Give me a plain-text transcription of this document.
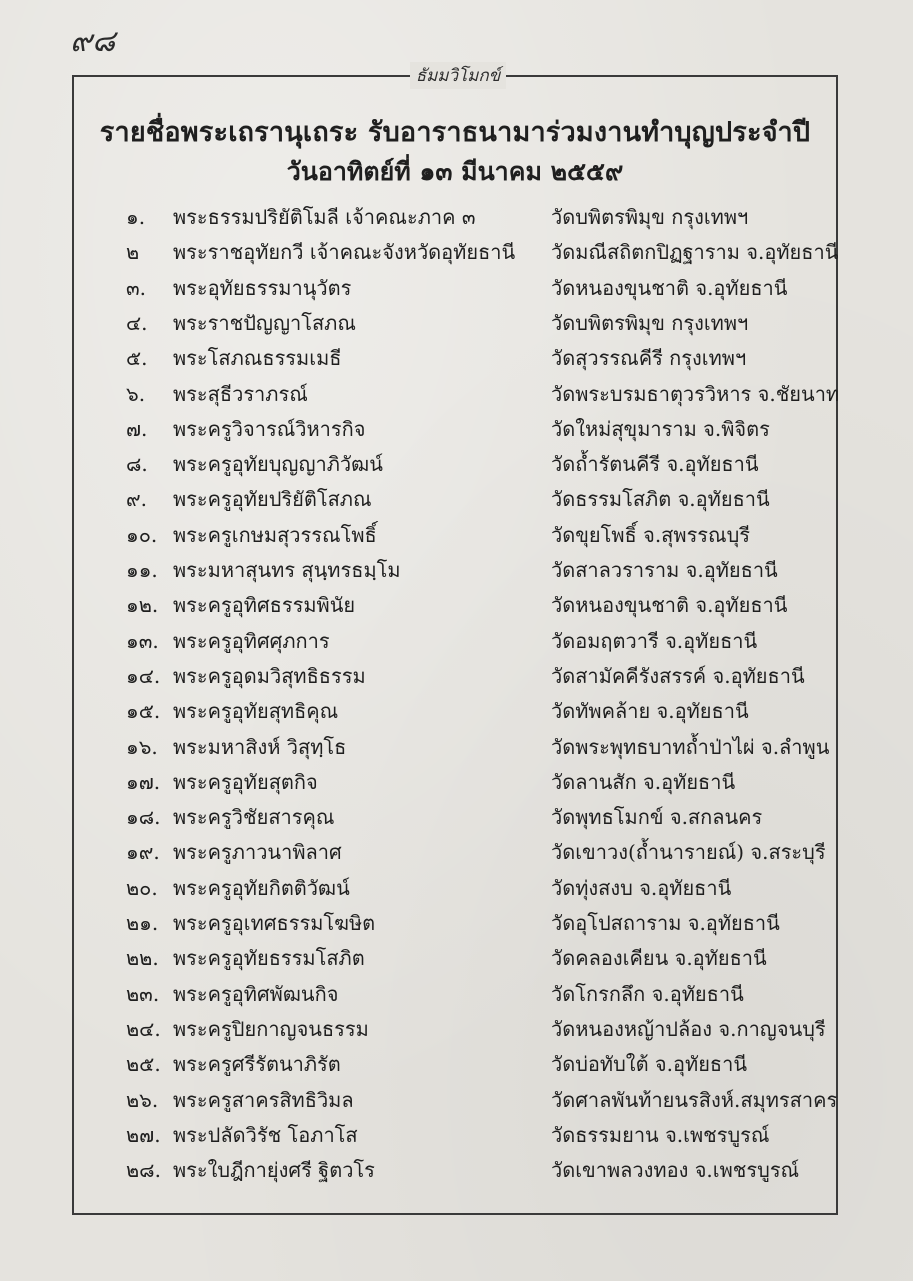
๙๘
ธัมมวิโมกข์
รายชื่อพระเถรานุเถระ รับอาราธนามาร่วมงานทำบุญประจำปี
วันอาทิตย์ที่ ๑๓ มีนาคม ๒๕๕๙
๑. พระธรรมปริยัติโมลี เจ้าคณะภาค ๓	วัดบพิตรพิมุข กรุงเทพฯ
๒ พระราชอุทัยกวี เจ้าคณะจังหวัดอุทัยธานี วัดมณีสถิตกปิฏฐาราม จ.อุทัยธานี
๓. พระอุทัยธรรมานุวัตร	วัดหนองขุนชาติ จ.อุทัยธานี
๔. พระราชปัญญาโสภณ	วัดบพิตรพิมุข กรุงเทพฯ
๕. พระโสภณธรรมเมธี	วัดสุวรรณคีรี กรุงเทพฯ
๖. พระสุธีวราภรณ์	วัดพระบรมธาตุวรวิหาร จ.ชัยนาท
๗. พระครูวิจารณ์วิหารกิจ	วัดใหม่สุขุมาราม จ.พิจิตร
๘. พระครูอุทัยบุญญาภิวัฒน์	วัดถ้ำรัตนคีรี จ.อุทัยธานี
๙. พระครูอุทัยปริยัติโสภณ	วัดธรรมโสภิต จ.อุทัยธานี
๑๐. พระครูเกษมสุวรรณโพธิ์	วัดขุยโพธิ์ จ.สุพรรณบุรี
๑๑. พระมหาสุนทร สุนฺทรธมฺโม	วัดสาลวราราม จ.อุทัยธานี
๑๒. พระครูอุทิศธรรมพินัย	วัดหนองขุนชาติ จ.อุทัยธานี
๑๓. พระครูอุทิศศุภการ	วัดอมฤตวารี จ.อุทัยธานี
๑๔. พระครูอุดมวิสุทธิธรรม	วัดสามัคคีรังสรรค์ จ.อุทัยธานี
๑๕. พระครูอุทัยสุทธิคุณ	วัดทัพคล้าย จ.อุทัยธานี
๑๖. พระมหาสิงห์ วิสุทฺโธ	วัดพระพุทธบาทถ้ำป่าไผ่ จ.ลำพูน
๑๗. พระครูอุทัยสุตกิจ	วัดลานสัก จ.อุทัยธานี
๑๘. พระครูวิชัยสารคุณ	วัดพุทธโมกข์ จ.สกลนคร
๑๙. พระครูภาวนาพิลาศ	วัดเขาวง(ถ้ำนารายณ์) จ.สระบุรี
๒๐. พระครูอุทัยกิตติวัฒน์	วัดทุ่งสงบ จ.อุทัยธานี
๒๑. พระครูอุเทศธรรมโฆษิต	วัดอุโปสถาราม จ.อุทัยธานี
๒๒. พระครูอุทัยธรรมโสภิต	วัดคลองเคียน จ.อุทัยธานี
๒๓. พระครูอุทิศพัฒนกิจ	วัดโกรกลึก จ.อุทัยธานี
๒๔. พระครูปิยกาญจนธรรม	วัดหนองหญ้าปล้อง จ.กาญจนบุรี
๒๕. พระครูศรีรัตนาภิรัต	วัดบ่อทับใต้ จ.อุทัยธานี
๒๖. พระครูสาครสิทธิวิมล	วัดศาลพันท้ายนรสิงห์.สมุทรสาคร
๒๗. พระปลัดวิรัช โอภาโส	วัดธรรมยาน จ.เพชรบูรณ์
๒๘. พระใบฎีกายุ่งศรี ฐิตวโร	วัดเขาพลวงทอง จ.เพชรบูรณ์
